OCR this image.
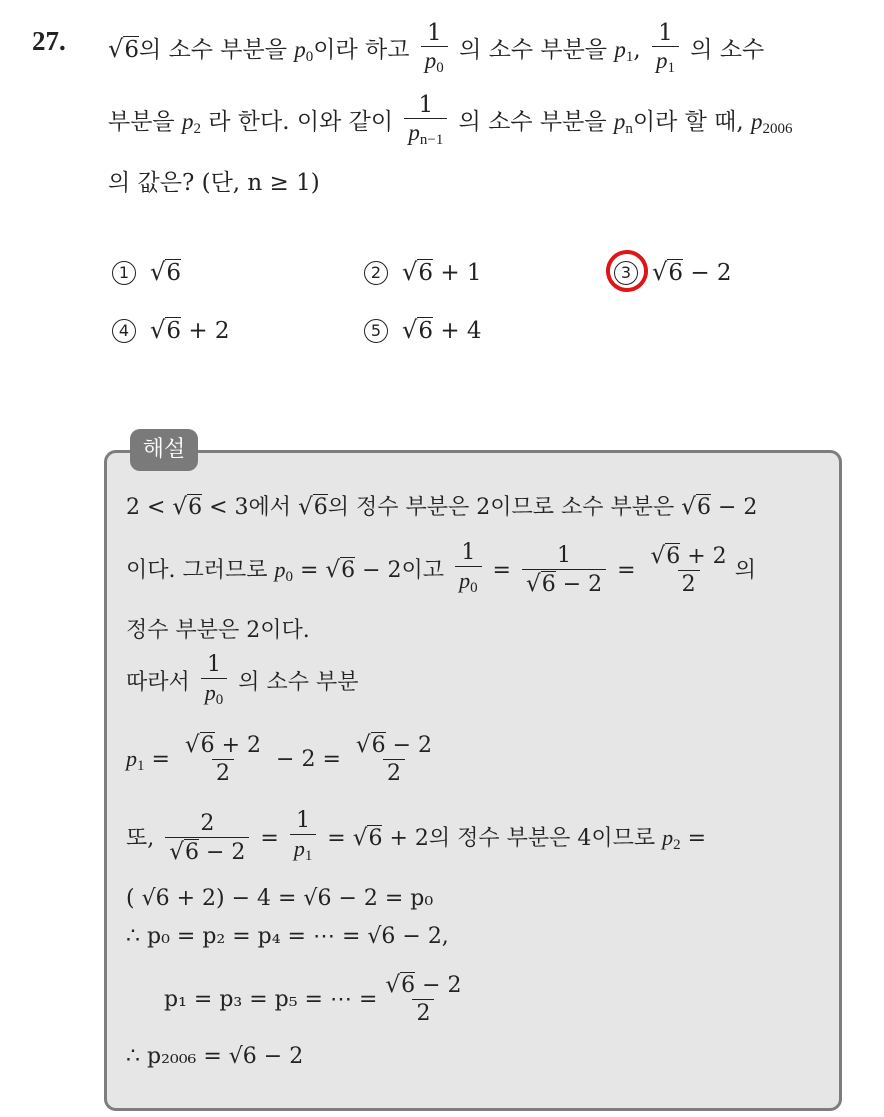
27. √6의 소수 부분을 $p_0$이라 하고 $\frac{1}{p_0}$ 의 소수 부분을 $p_1$, $\frac{1}{p_1}$ 의 소수
부분을 $p_2$ 라 한다. 이와 같이 $\frac{1}{p_{n-1}}$ 의 소수 부분을 $p_n$이라 할 때, $p_{2006}$
의 값은? (단, n ≥ 1)
1 √6	2 √6 + 1	3 √6 − 2
4 √6 + 2	5 √6 + 4
해설
2 < √6 < 3에서 √6의 정수 부분은 2이므로 소수 부분은 √6 − 2
이다. 그러므로 $p_0 = √6 - 2$이고 $\frac{1}{p_0} = \frac{1}{√6 - 2} = \frac{√6 + 2}{2}$ 의
정수 부분은 2이다.
따라서 $\frac{1}{p_0}$ 의 소수 부분
$p_1 = \frac{√6 + 2}{2} - 2 = \frac{√6 - 2}{2}$
또, $\frac{2}{√6 - 2} = \frac{1}{p_1} = √6 + 2$의 정수 부분은 4이므로 $p_2$ =
( √6 + 2) − 4 = √6 − 2 = p₀
∴ p₀ = p₂ = p₄ = ⋯ = √6 − 2,
p₁ = p₃ = p₅ = ⋯ = $\frac{√6 - 2}{2}$
∴ p₂₀₀₆ = √6 − 2
